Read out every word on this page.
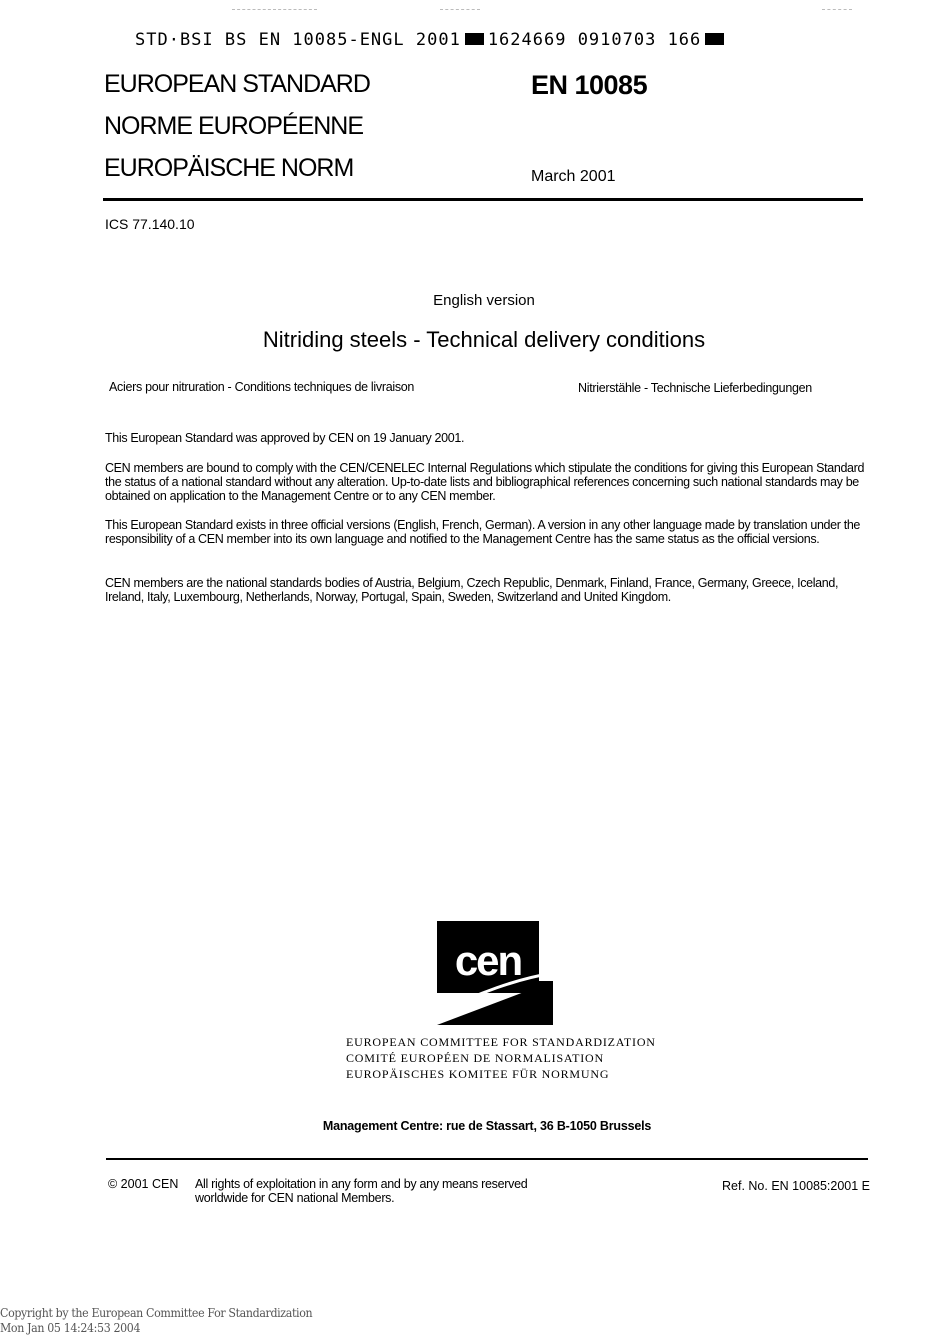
STD·BSI BS EN 10085-ENGL 2001 1624669 0910703 166
EUROPEAN STANDARD
NORME EUROPÉENNE
EUROPÄISCHE NORM
EN 10085
March 2001
ICS 77.140.10
English version
Nitriding steels - Technical delivery conditions
Aciers pour nitruration - Conditions techniques de livraison	Nitrierstähle - Technische Lieferbedingungen
This European Standard was approved by CEN on 19 January 2001.
CEN members are bound to comply with the CEN/CENELEC Internal Regulations which stipulate the conditions for giving this European Standard the status of a national standard without any alteration. Up-to-date lists and bibliographical references concerning such national standards may be obtained on application to the Management Centre or to any CEN member.
This European Standard exists in three official versions (English, French, German). A version in any other language made by translation under the responsibility of a CEN member into its own language and notified to the Management Centre has the same status as the official versions.
CEN members are the national standards bodies of Austria, Belgium, Czech Republic, Denmark, Finland, France, Germany, Greece, Iceland, Ireland, Italy, Luxembourg, Netherlands, Norway, Portugal, Spain, Sweden, Switzerland and United Kingdom.
cen
EUROPEAN COMMITTEE FOR STANDARDIZATION
COMITÉ EUROPÉEN DE NORMALISATION
EUROPÄISCHES KOMITEE FÜR NORMUNG
Management Centre: rue de Stassart, 36 B-1050 Brussels
© 2001 CEN All rights of exploitation in any form and by any means reserved
worldwide for CEN national Members.
Ref. No. EN 10085:2001 E
Copyright by the European Committee For Standardization
Mon Jan 05 14:24:53 2004
